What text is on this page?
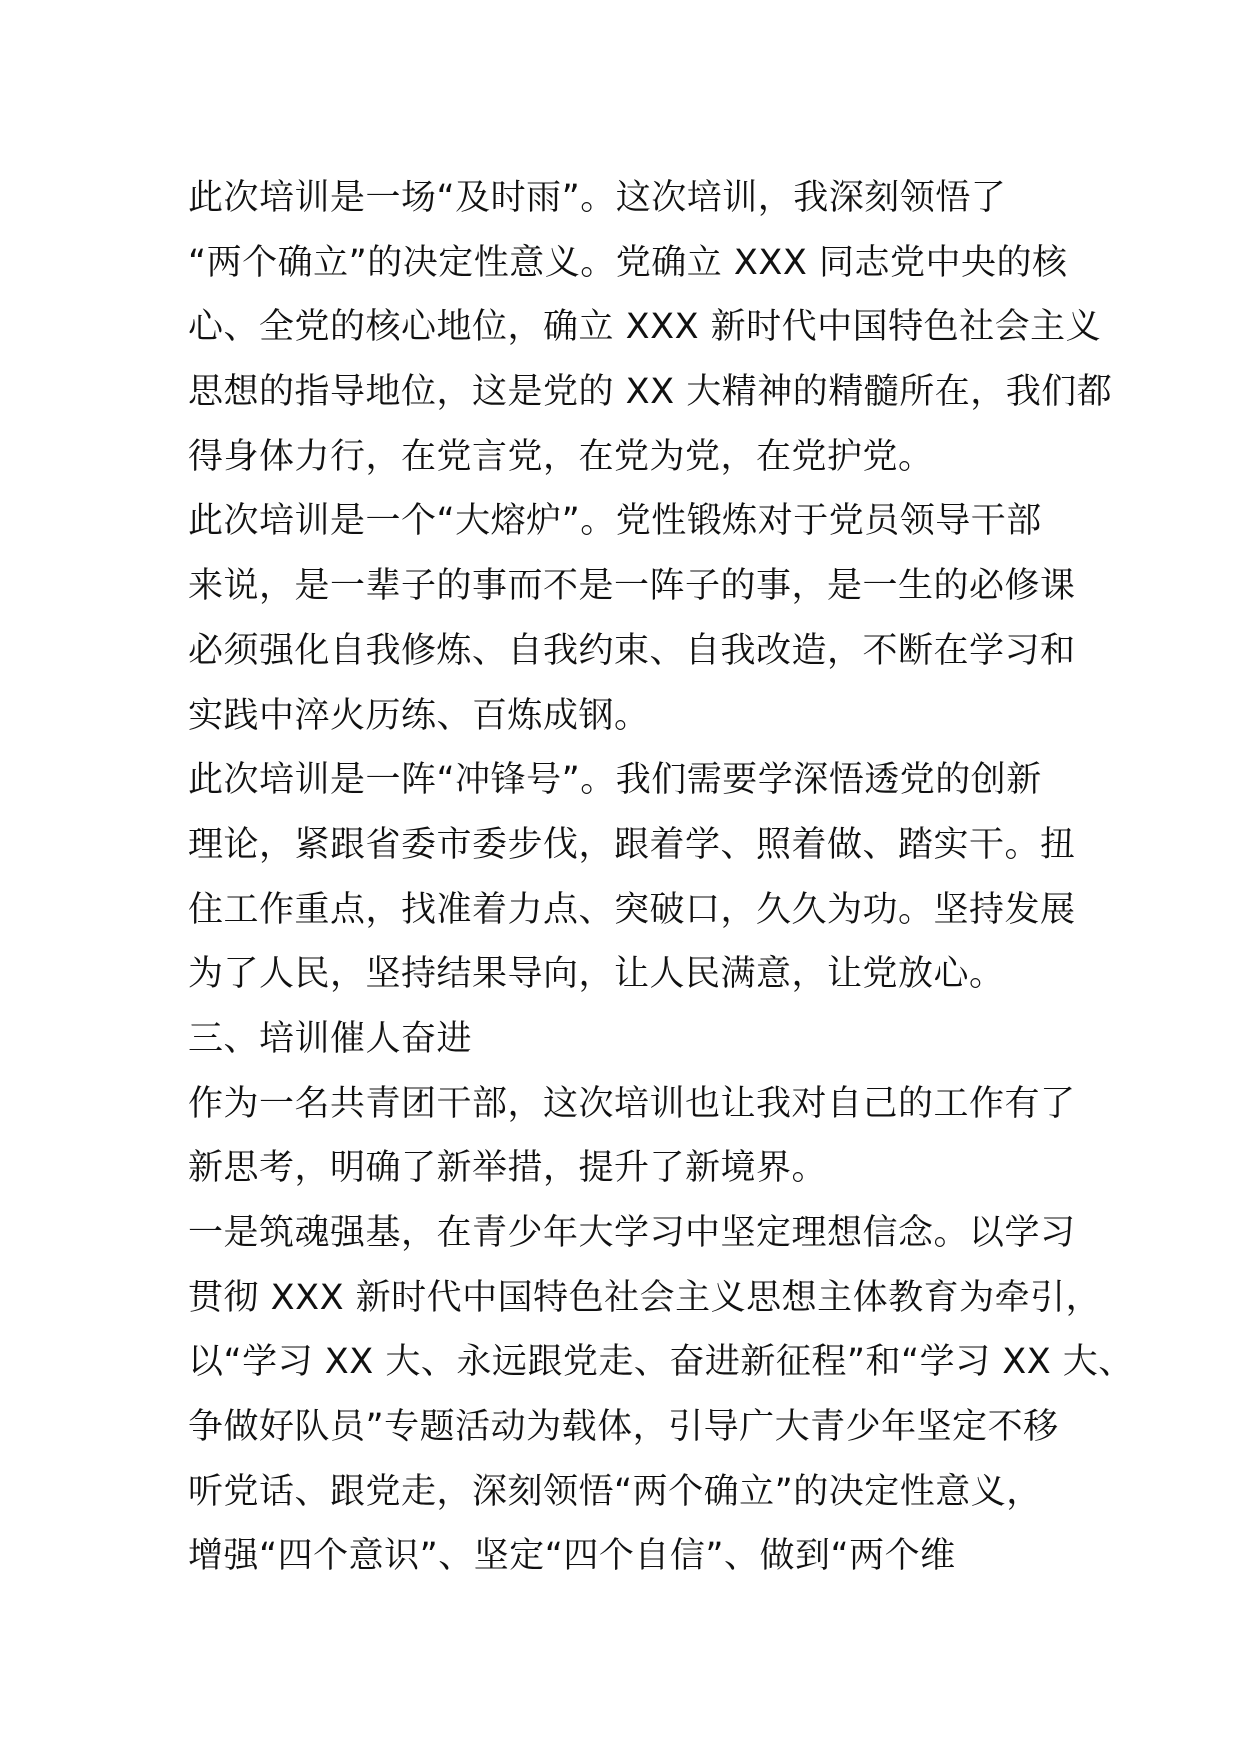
此次培训是一场“及时雨”。这次培训，我深刻领悟了
“两个确立”的决定性意义。党确立 XXX 同志党中央的核
心、全党的核心地位，确立 XXX 新时代中国特色社会主义
思想的指导地位，这是党的 XX 大精神的精髓所在，我们都
得身体力行，在党言党，在党为党，在党护党。
此次培训是一个“大熔炉”。党性锻炼对于党员领导干部
来说，是一辈子的事而不是一阵子的事，是一生的必修课
必须强化自我修炼、自我约束、自我改造，不断在学习和
实践中淬火历练、百炼成钢。
此次培训是一阵“冲锋号”。我们需要学深悟透党的创新
理论，紧跟省委市委步伐，跟着学、照着做、踏实干。扭
住工作重点，找准着力点、突破口，久久为功。坚持发展
为了人民，坚持结果导向，让人民满意，让党放心。
三、培训催人奋进
作为一名共青团干部，这次培训也让我对自己的工作有了
新思考，明确了新举措，提升了新境界。
一是筑魂强基，在青少年大学习中坚定理想信念。以学习
贯彻 XXX 新时代中国特色社会主义思想主体教育为牵引，
以“学习 XX 大、永远跟党走、奋进新征程”和“学习 XX 大、
争做好队员”专题活动为载体，引导广大青少年坚定不移
听党话、跟党走，深刻领悟“两个确立”的决定性意义，
增强“四个意识”、坚定“四个自信”、做到“两个维
